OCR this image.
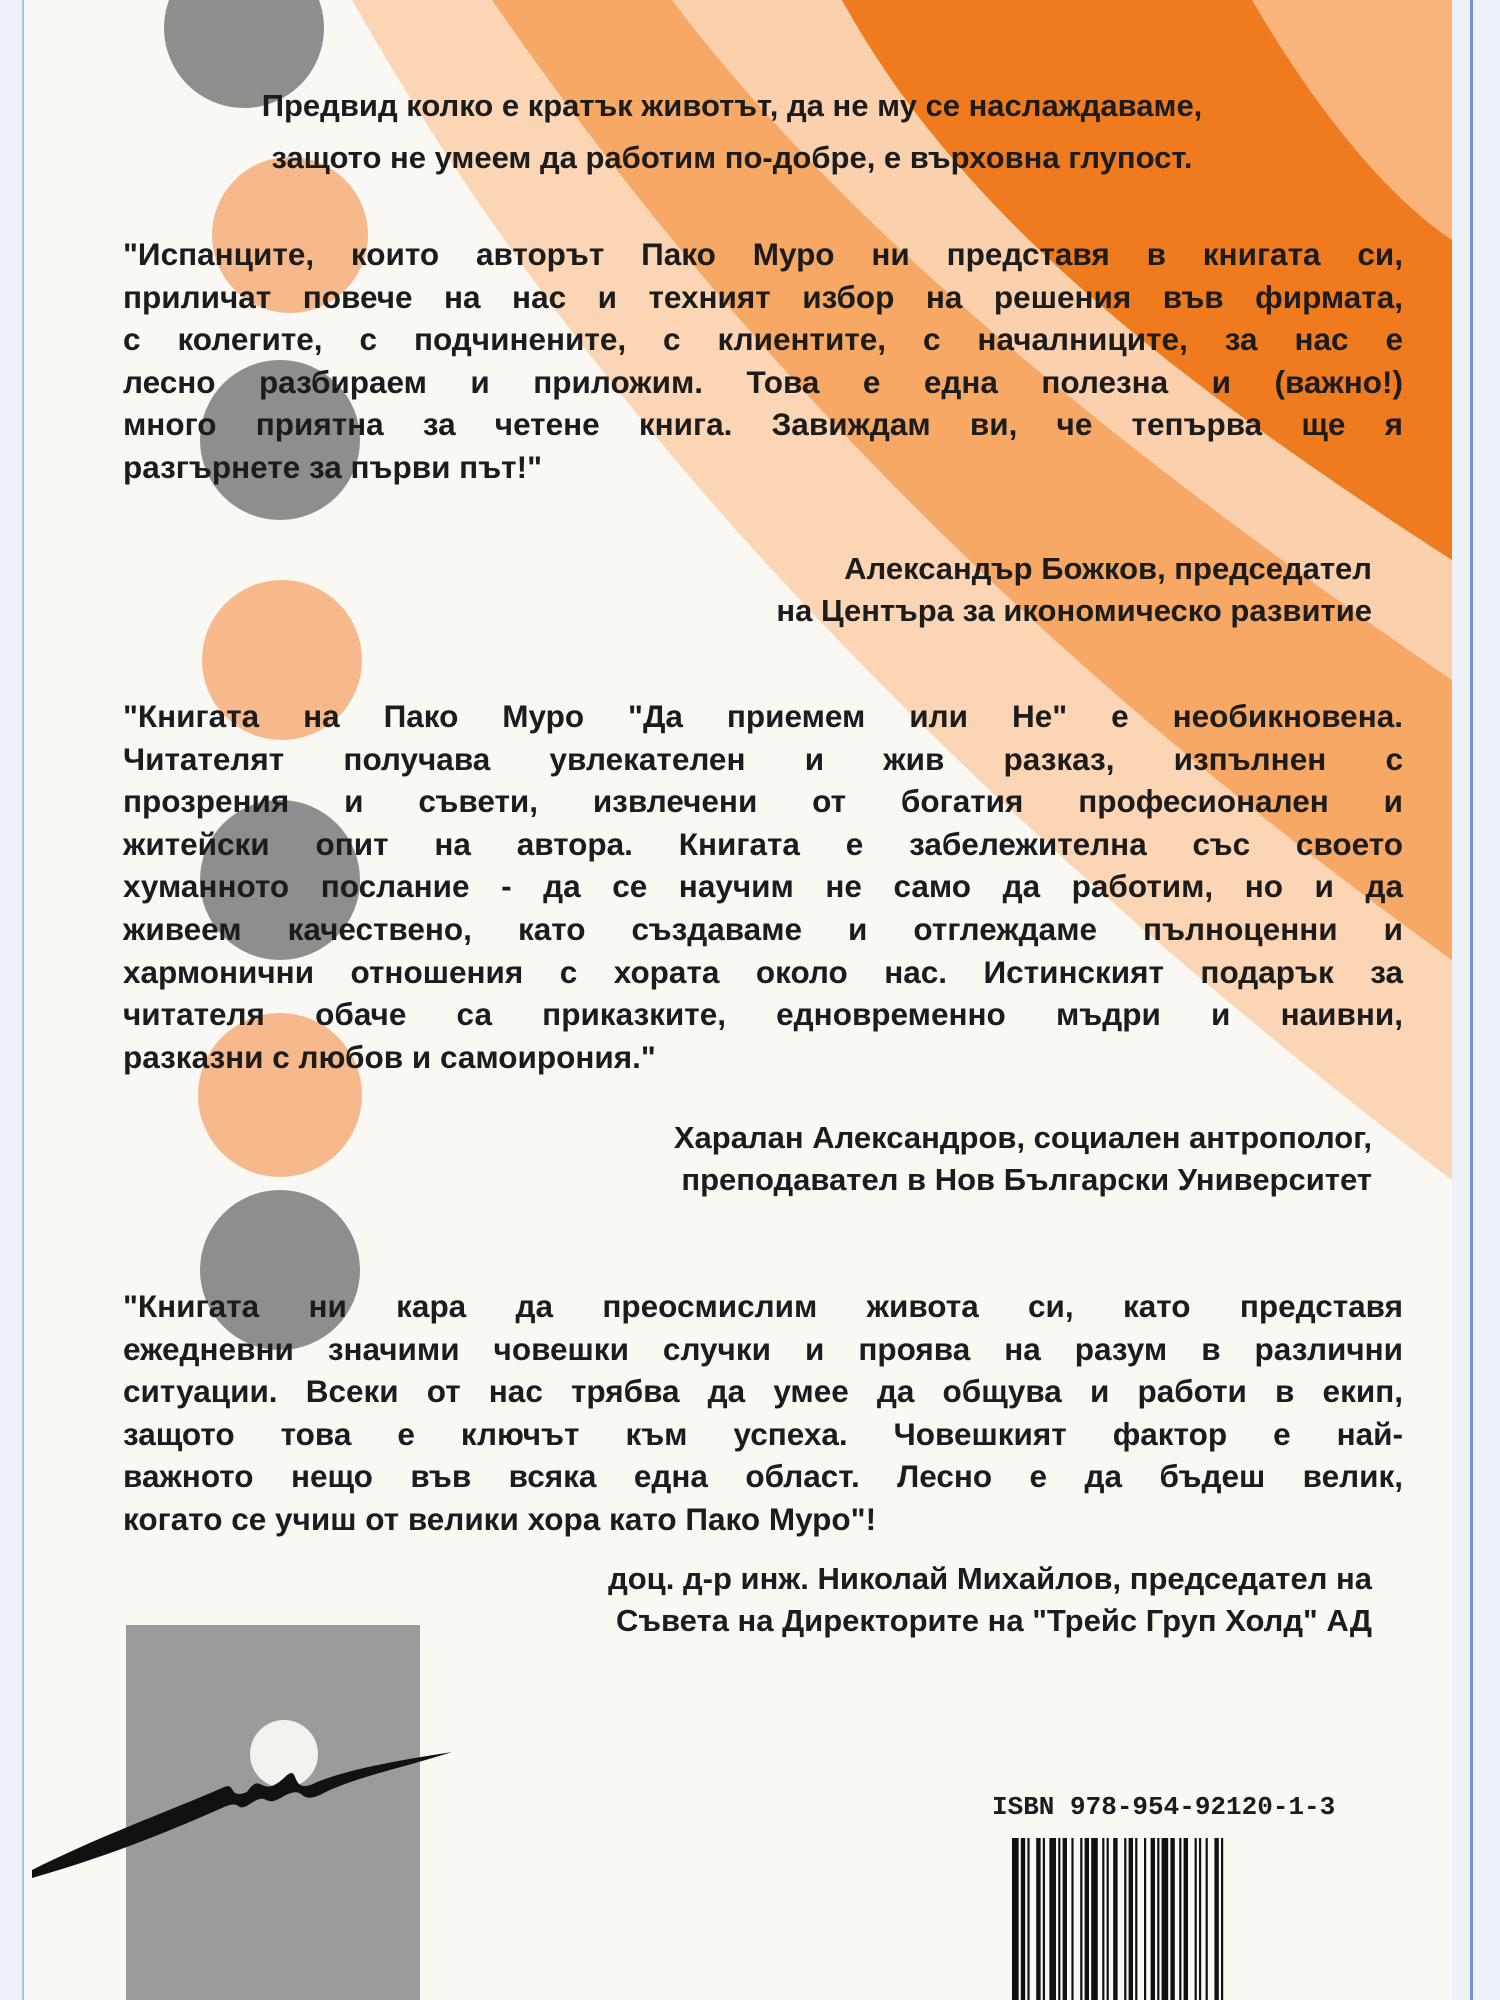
Предвид колко е кратък животът, да не му се наслаждаваме,
защото не умеем да работим по-добре, е върховна глупост.
"Испанците, които авторът Пако Муро ни представя в книгата си,
приличат повече на нас и техният избор на решения във фирмата,
с колегите, с подчинените, с клиентите, с началниците, за нас е
лесно разбираем и приложим. Това е една полезна и (важно!)
много приятна за четене книга. Завиждам ви, че тепърва ще я
разгърнете за първи път!"
Александър Божков, председател
на Центъра за икономическо развитие
"Книгата на Пако Муро "Да приемем или Не" е необикновена.
Читателят получава увлекателен и жив разказ, изпълнен с
прозрения и съвети, извлечени от богатия професионален и
житейски опит на автора. Книгата е забележителна със своето
хуманното послание - да се научим не само да работим, но и да
живеем качествено, като създаваме и отглеждаме пълноценни и
хармонични отношения с хората около нас. Истинският подарък за
читателя обаче са приказките, едновременно мъдри и наивни,
разказни с любов и самоирония."
Харалан Александров, социален антрополог,
преподавател в Нов Български Университет
"Книгата ни кара да преосмислим живота си, като представя
ежедневни значими човешки случки и проява на разум в различни
ситуации. Всеки от нас трябва да умее да общува и работи в екип,
защото това е ключът към успеха. Човешкият фактор е най-
важното нещо във всяка една област. Лесно е да бъдеш велик,
когато се учиш от велики хора като Пако Муро"!
доц. д-р инж. Николай Михайлов, председател на
Съвета на Директорите на "Трейс Груп Холд" АД
ISBN 978-954-92120-1-3
